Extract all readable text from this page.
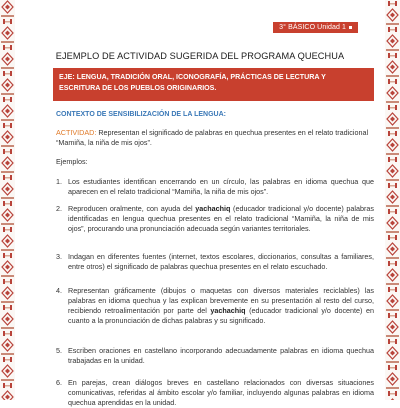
3° BÁSICO Unidad 1
EJEMPLO DE ACTIVIDAD SUGERIDA DEL PROGRAMA QUECHUA
EJE: LENGUA, TRADICIÓN ORAL, ICONOGRAFÍA, PRÁCTICAS DE LECTURA Y ESCRITURA DE LOS PUEBLOS ORIGINARIOS.
CONTEXTO DE SENSIBILIZACIÓN DE LA LENGUA:
ACTIVIDAD: Representan el significado de palabras en quechua presentes en el relato tradicional “Mamiña, la niña de mis ojos”.
Ejemplos:
1. Los estudiantes identifican encerrando en un círculo, las palabras en idioma quechua que aparecen en el relato tradicional “Mamiña, la niña de mis ojos”.
2. Reproducen oralmente, con ayuda del yachachiq (educador tradicional y/o docente) palabras identificadas en lengua quechua presentes en el relato tradicional “Mamiña, la niña de mis ojos”, procurando una pronunciación adecuada según variantes territoriales.
3. Indagan en diferentes fuentes (internet, textos escolares, diccionarios, consultas a familiares, entre otros) el significado de palabras quechua presentes en el relato escuchado.
4. Representan gráficamente (dibujos o maquetas con diversos materiales reciclables) las palabras en idioma quechua y las explican brevemente en su presentación al resto del curso, recibiendo retroalimentación por parte del yachachiq (educador tradicional y/o docente) en cuanto a la pronunciación de dichas palabras y su significado.
5. Escriben oraciones en castellano incorporando adecuadamente palabras en idioma quechua trabajadas en la unidad.
6. En parejas, crean diálogos breves en castellano relacionados con diversas situaciones comunicativas, referidas al ámbito escolar y/o familiar, incluyendo algunas palabras en idioma quechua aprendidas en la unidad.
